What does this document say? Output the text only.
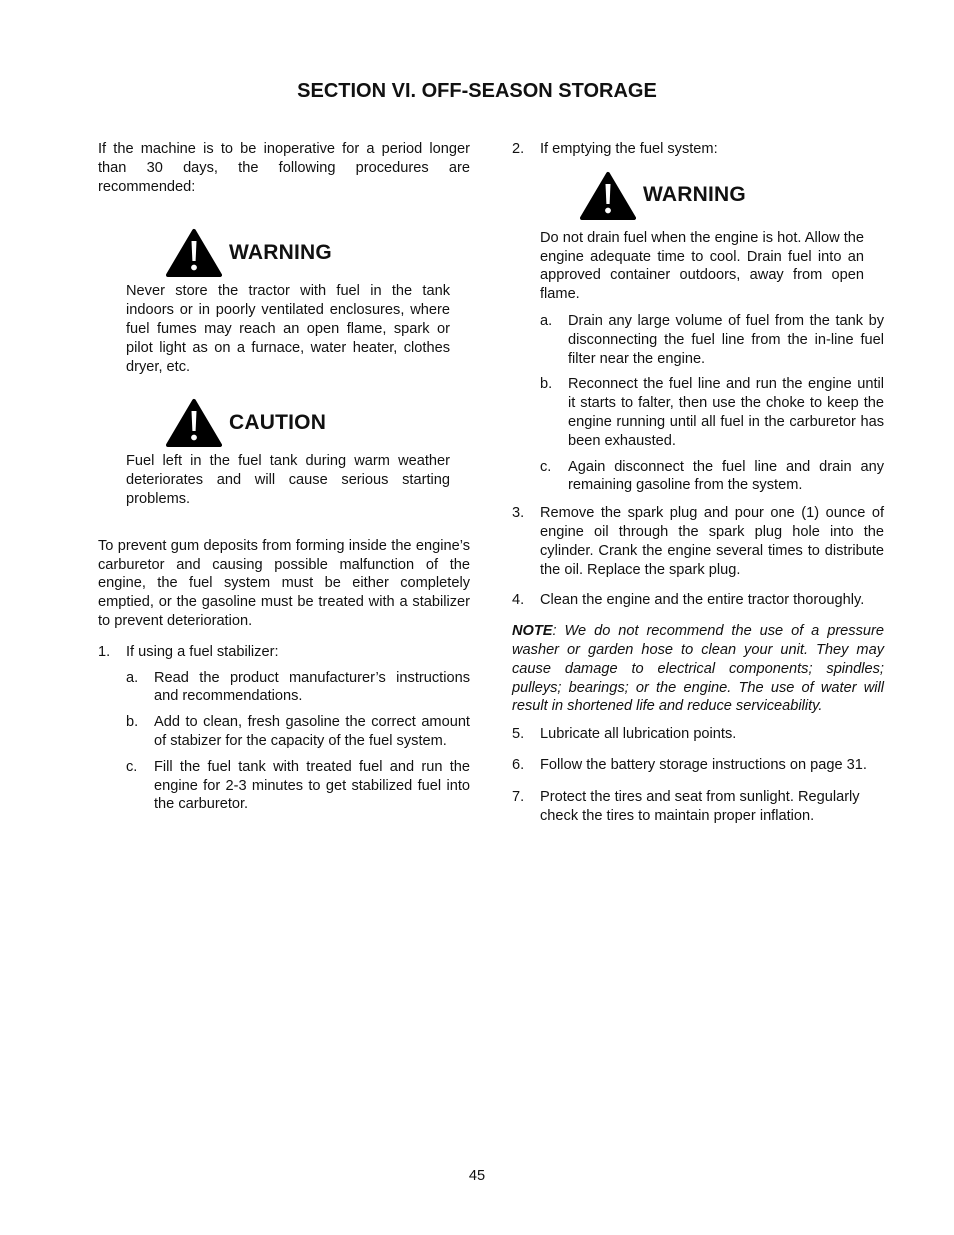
SECTION VI. OFF-SEASON STORAGE

If the machine is to be inoperative for a period longer than 30 days, the following procedures are recommended:

WARNING

Never store the tractor with fuel in the tank indoors or in poorly ventilated enclosures, where fuel fumes may reach an open flame, spark or pilot light as on a furnace, water heater, clothes dryer, etc.

CAUTION

Fuel left in the fuel tank during warm weather deteriorates and will cause serious starting problems.

To prevent gum deposits from forming inside the engine’s carburetor and causing possible malfunction of the engine, the fuel system must be either completely emptied, or the gasoline must be treated with a stabilizer to prevent deterioration.

1.	If using a fuel stabilizer:
a.	Read the product manufacturer’s instructions and recommendations.
b.	Add to clean, fresh gasoline the correct amount of stabizer for the capacity of the fuel system.
c.	Fill the fuel tank with treated fuel and run the engine for 2-3 minutes to get stabilized fuel into the carburetor.
2.	If emptying the fuel system:
WARNING

Do not drain fuel when the engine is hot. Allow the engine adequate time to cool. Drain fuel into an approved container outdoors, away from open flame.

a.	Drain any large volume of fuel from the tank by disconnecting the fuel line from the in-line fuel filter near the engine.
b.	Reconnect the fuel line and run the engine until it starts to falter, then use the choke to keep the engine running until all fuel in the carburetor has been exhausted.
c.	Again disconnect the fuel line and drain any remaining gasoline from the system.
3.	Remove the spark plug and pour one (1) ounce of engine oil through the spark plug hole into the cylinder. Crank the engine several times to distribute the oil. Replace the spark plug.
4.	Clean the engine and the entire tractor thoroughly.

NOTE: We do not recommend the use of a pressure washer or garden hose to clean your unit. They may cause damage to electrical components; spindles; pulleys; bearings; or the engine. The use of water will result in shortened life and reduce serviceability.

5.	Lubricate all lubrication points.
6.	Follow the battery storage instructions on page 31.
7.	Protect the tires and seat from sunlight. Regularly check the tires to maintain proper inflation.
45
